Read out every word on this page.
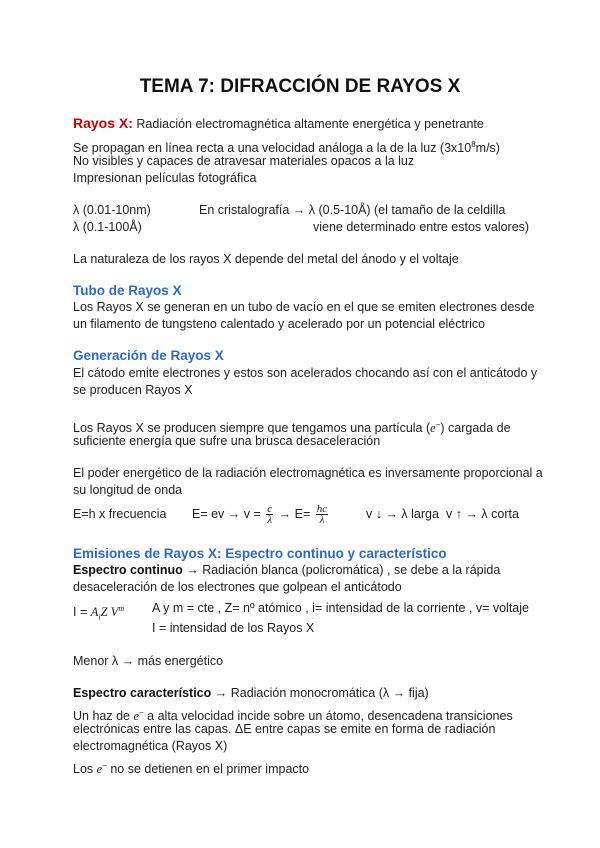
TEMA 7: DIFRACCIÓN DE RAYOS X
Rayos X: Radiación electromagnética altamente energética y penetrante
Se propagan en línea recta a una velocidad análoga a la de la luz $(3x10^8m/s)$
No visibles y capaces de atravesar materiales opacos a la luz
Impresionan películas fotográfica
λ (0.01-10nm)	En cristalografía → λ (0.5-10Å) (el tamaño de la celdilla
λ (0.1-100Å)	viene determinado entre estos valores)
La naturaleza de los rayos X depende del metal del ánodo y el voltaje
Tubo de Rayos X
Los Rayos X se generan en un tubo de vacío en el que se emiten electrones desde
un filamento de tungsteno calentado y acelerado por un potencial eléctrico
Generación de Rayos X
El cátodo emite electrones y estos son acelerados chocando así con el anticátodo y
se producen Rayos X
Los Rayos X se producen siempre que tengamos una partícula (e−) cargada de
suficiente energía que sufre una brusca desaceleración
El poder energético de la radiación electromagnética es inversamente proporcional a
su longitud de onda
E=h x frecuencia E= ev → $v = \frac{c}{\lambda} \to E= \frac{hc}{\lambda}$	v ↓ → λ larga v ↑ → λ corta
Emisiones de Rayos X: Espectro continuo y característico
Espectro continuo → Radiación blanca (policromática) , se debe a la rápida
desaceleración de los electrones que golpean el anticátodo
$I = A_iZ$ $V^m$ A y m = cte , Z= nº atómico , i= intensidad de la corriente , v= voltaje
I = intensidad de los Rayos X
Menor λ → más energético
Espectro característico → Radiación monocromática (λ → fija)
Un haz de e− a alta velocidad incide sobre un átomo, desencadena transiciones
electrónicas entre las capas. ΔE entre capas se emite en forma de radiación
electromagnética (Rayos X)
Los e− no se detienen en el primer impacto
